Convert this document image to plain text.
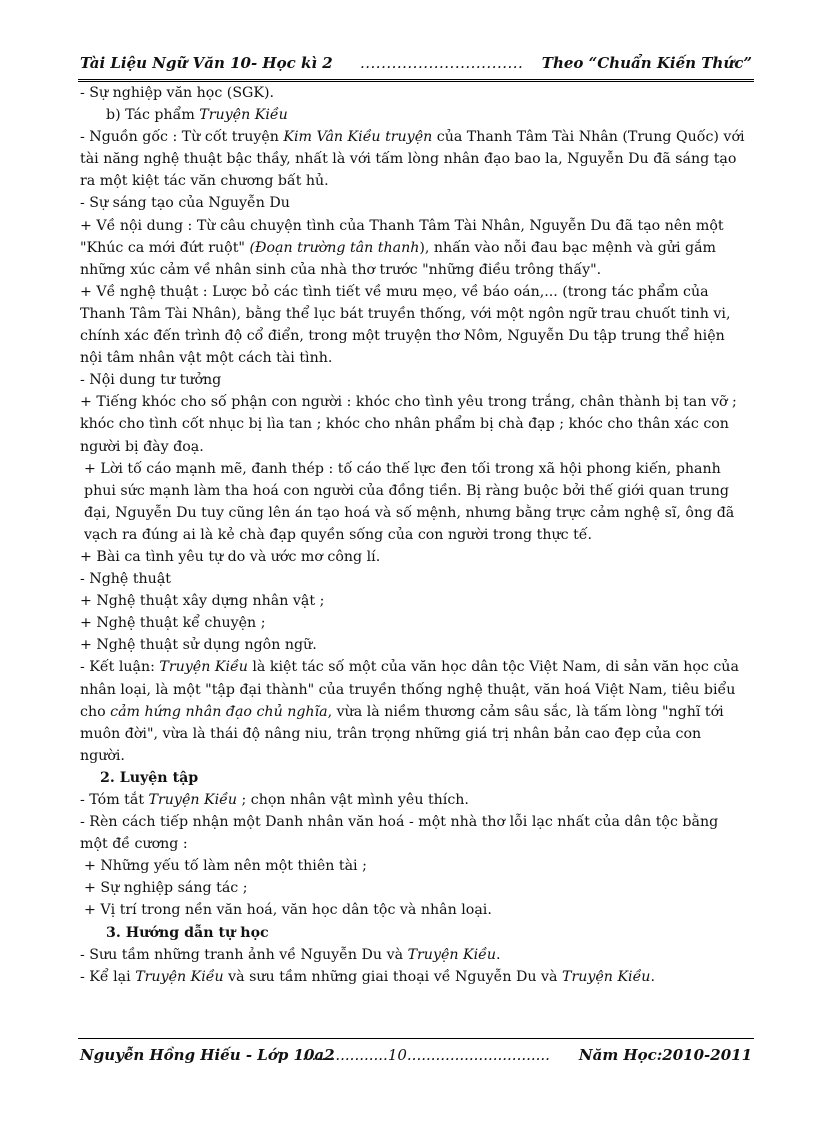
Tài Liệu Ngữ Văn 10- Học kì 2 ............................... Theo “Chuẩn Kiến Thức”

- Sự nghiệp văn học (SGK).

b) Tác phẩm Truyện Kiều

- Nguồn gốc : Từ cốt truyện Kim Vân Kiều truyện của Thanh Tâm Tài Nhân (Trung Quốc) với tài năng nghệ thuật bậc thầy, nhất là với tấm lòng nhân đạo bao la, Nguyễn Du đã sáng tạo ra một kiệt tác văn chương bất hủ.

- Sự sáng tạo của Nguyễn Du

+ Về nội dung : Từ câu chuyện tình của Thanh Tâm Tài Nhân, Nguyễn Du đã tạo nên một "Khúc ca mới đứt ruột" (Đoạn trường tân thanh), nhấn vào nỗi đau bạc mệnh và gửi gắm những xúc cảm về nhân sinh của nhà thơ trước "những điều trông thấy".

+ Về nghệ thuật : Lược bỏ các tình tiết về mưu mẹo, về báo oán,... (trong tác phẩm của Thanh Tâm Tài Nhân), bằng thể lục bát truyền thống, với một ngôn ngữ trau chuốt tinh vi, chính xác đến trình độ cổ điển, trong một truyện thơ Nôm, Nguyễn Du tập trung thể hiện nội tâm nhân vật một cách tài tình.

- Nội dung tư tưởng

+ Tiếng khóc cho số phận con người : khóc cho tình yêu trong trắng, chân thành bị tan vỡ ; khóc cho tình cốt nhục bị lìa tan ; khóc cho nhân phẩm bị chà đạp ; khóc cho thân xác con người bị đày đoạ.

+ Lời tố cáo mạnh mẽ, đanh thép : tố cáo thế lực đen tối trong xã hội phong kiến, phanh phui sức mạnh làm tha hoá con người của đồng tiền. Bị ràng buộc bởi thế giới quan trung đại, Nguyễn Du tuy cũng lên án tạo hoá và số mệnh, nhưng bằng trực cảm nghệ sĩ, ông đã vạch ra đúng ai là kẻ chà đạp quyền sống của con người trong thực tế.

+ Bài ca tình yêu tự do và ước mơ công lí.

- Nghệ thuật

+ Nghệ thuật xây dựng nhân vật ;

+ Nghệ thuật kể chuyện ;

+ Nghệ thuật sử dụng ngôn ngữ.

- Kết luận: Truyện Kiều là kiệt tác số một của văn học dân tộc Việt Nam, di sản văn học của nhân loại, là một "tập đại thành" của truyền thống nghệ thuật, văn hoá Việt Nam, tiêu biểu cho cảm hứng nhân đạo chủ nghĩa, vừa là niềm thương cảm sâu sắc, là tấm lòng "nghĩ tới muôn đời", vừa là thái độ nâng niu, trân trọng những giá trị nhân bản cao đẹp của con người.

2. Luyện tập

- Tóm tắt Truyện Kiều ; chọn nhân vật mình yêu thích.

- Rèn cách tiếp nhận một Danh nhân văn hoá - một nhà thơ lỗi lạc nhất của dân tộc bằng một đề cương :

+ Những yếu tố làm nên một thiên tài ;

+ Sự nghiệp sáng tác ;

+ Vị trí trong nền văn hoá, văn học dân tộc và nhân loại.

3. Hướng dẫn tự học

- Sưu tầm những tranh ảnh về Nguyễn Du và Truyện Kiều.

- Kể lại Truyện Kiều và sưu tầm những giai thoại về Nguyễn Du và Truyện Kiều.

Nguyễn Hồng Hiếu - Lớp 10a2
..................10.............................. Năm Học:2010-2011
